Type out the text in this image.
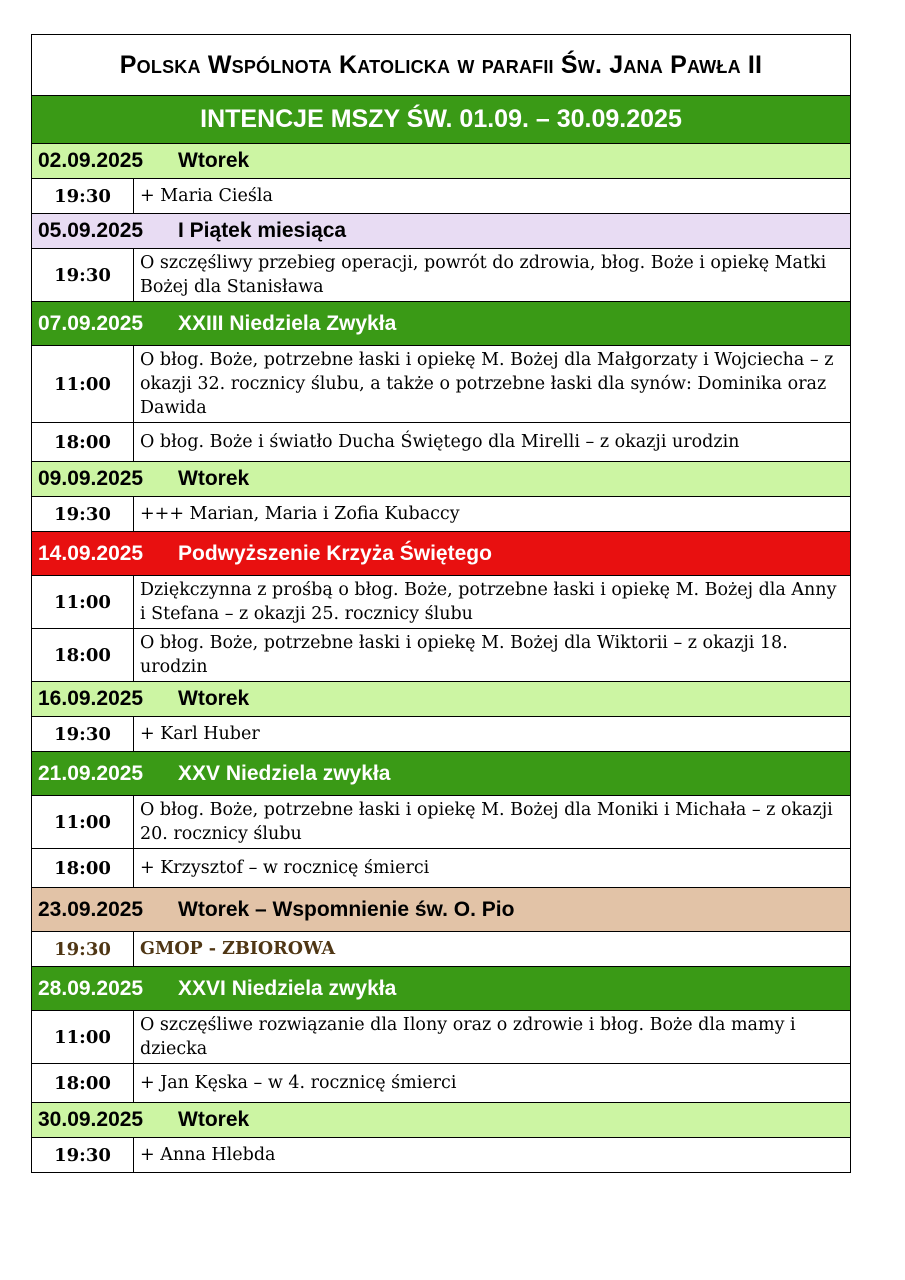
Polska Wspólnota Katolicka w parafii Św. Jana Pawła II	
INTENCJE MSZY ŚW. 01.09. – 30.09.2025	
02.09.2025 Wtorek	
19:30	+ Maria Cieśla
05.09.2025 I Piątek miesiąca	
19:30	O szczęśliwy przebieg operacji, powrót do zdrowia, błog. Boże i opiekę Matki Bożej dla Stanisława
07.09.2025 XXIII Niedziela Zwykła	
11:00	O błog. Boże, potrzebne łaski i opiekę M. Bożej dla Małgorzaty i Wojciecha – z okazji 32. rocznicy ślubu, a także o potrzebne łaski dla synów: Dominika oraz Dawida
18:00	O błog. Boże i światło Ducha Świętego dla Mirelli – z okazji urodzin
09.09.2025 Wtorek	
19:30	+++ Marian, Maria i Zofia Kubaccy
14.09.2025 Podwyższenie Krzyża Świętego	
11:00	Dziękczynna z prośbą o błog. Boże, potrzebne łaski i opiekę M. Bożej dla Anny i Stefana – z okazji 25. rocznicy ślubu
18:00	O błog. Boże, potrzebne łaski i opiekę M. Bożej dla Wiktorii – z okazji 18. urodzin
16.09.2025 Wtorek	
19:30	+ Karl Huber
21.09.2025 XXV Niedziela zwykła	
11:00	O błog. Boże, potrzebne łaski i opiekę M. Bożej dla Moniki i Michała – z okazji 20. rocznicy ślubu
18:00	+ Krzysztof – w rocznicę śmierci
23.09.2025 Wtorek – Wspomnienie św. O. Pio	
19:30	GMOP - ZBIOROWA
28.09.2025 XXVI Niedziela zwykła	
11:00	O szczęśliwe rozwiązanie dla Ilony oraz o zdrowie i błog. Boże dla mamy i dziecka
18:00	+ Jan Kęska – w 4. rocznicę śmierci
30.09.2025 Wtorek	
19:30	+ Anna Hlebda
